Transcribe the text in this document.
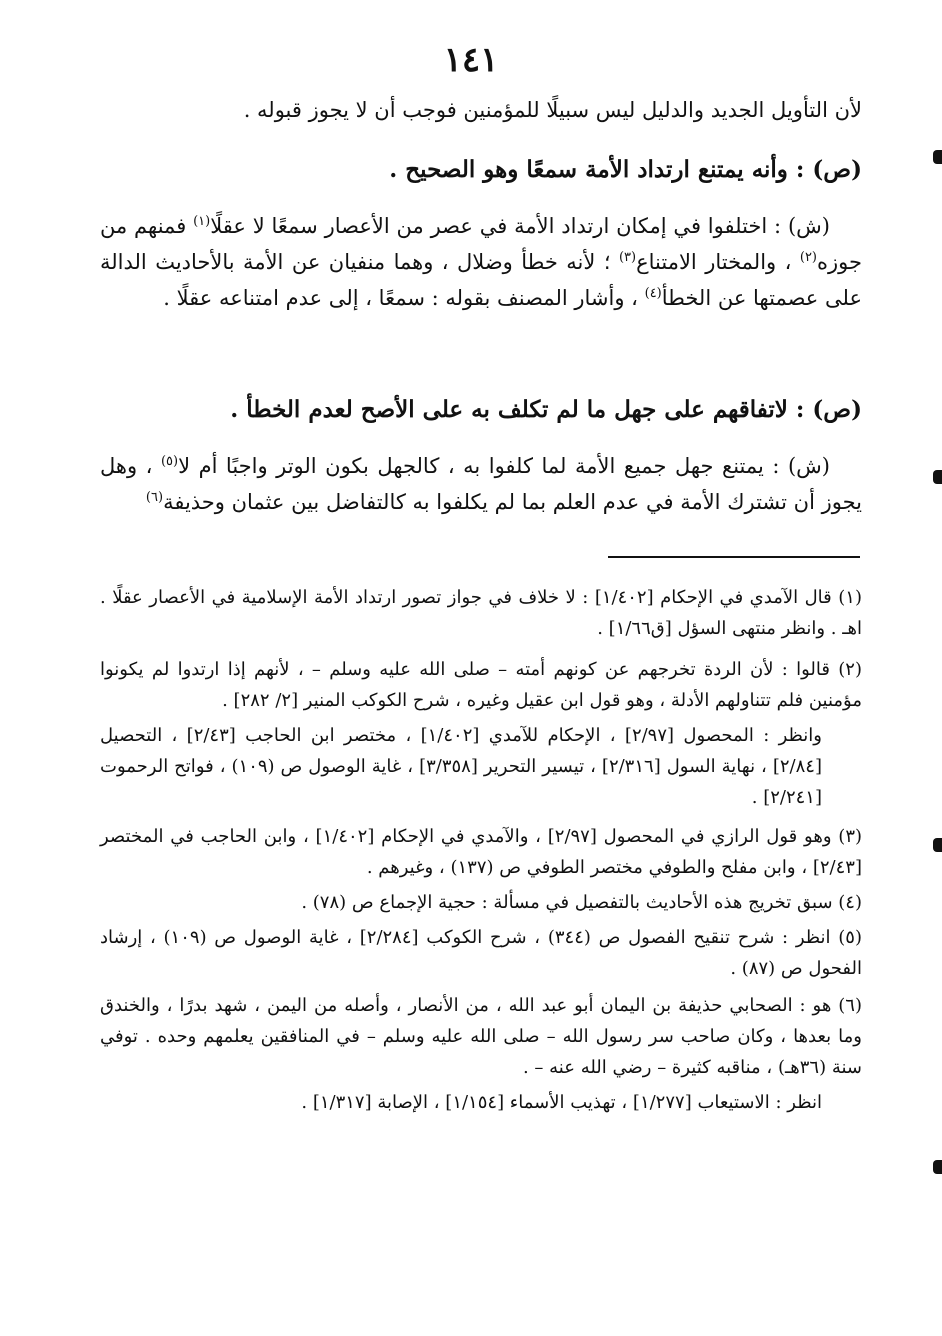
١٤١

لأن التأويل الجديد والدليل ليس سبيلًا للمؤمنين فوجب أن لا يجوز قبوله .

(ص) : وأنه يمتنع ارتداد الأمة سمعًا وهو الصحيح .

(ش) : اختلفوا في إمكان ارتداد الأمة في عصر من الأعصار سمعًا لا عقلًا$^{(١)}$ فمنهم من جوزه$^{(٢)}$ ، والمختار الامتناع$^{(٣)}$ ؛ لأنه خطأ وضلال ، وهما منفيان عن الأمة بالأحاديث الدالة على عصمتها عن الخطأ$^{(٤)}$ ، وأشار المصنف بقوله : سمعًا ، إلى عدم امتناعه عقلًا .

(ص) : لاتفاقهم على جهل ما لم تكلف به على الأصح لعدم الخطأ .

(ش) : يمتنع جهل جميع الأمة لما كلفوا به ، كالجهل بكون الوتر واجبًا أم لا$^{(٥)}$ ، وهل يجوز أن تشترك الأمة في عدم العلم بما لم يكلفوا به كالتفاضل بين عثمان وحذيفة$^{(٦)}$

(١) قال الآمدي في الإحكام [١/٤٠٢] : لا خلاف في جواز تصور ارتداد الأمة الإسلامية في الأعصار عقلًا . اهـ . وانظر منتهى السؤل [ق١/٦٦] .

(٢) قالوا : لأن الردة تخرجهم عن كونهم أمته – صلى الله عليه وسلم – ، لأنهم إذا ارتدوا لم يكونوا مؤمنين فلم تتناولهم الأدلة ، وهو قول ابن عقيل وغيره ، شرح الكوكب المنير [٢/ ٢٨٢] .

وانظر : المحصول [٢/٩٧] ، الإحكام للآمدي [١/٤٠٢] ، مختصر ابن الحاجب [٢/٤٣] ، التحصيل [٢/٨٤] ، نهاية السول [٢/٣١٦] ، تيسير التحرير [٣/٣٥٨] ، غاية الوصول ص (١٠٩) ، فواتح الرحموت [٢/٢٤١] .

(٣) وهو قول الرازي في المحصول [٢/٩٧] ، والآمدي في الإحكام [١/٤٠٢] ، وابن الحاجب في المختصر [٢/٤٣] ، وابن مفلح والطوفي مختصر الطوفي ص (١٣٧) ، وغيرهم .

(٤) سبق تخريج هذه الأحاديث بالتفصيل في مسألة : حجية الإجماع ص (٧٨) .

(٥) انظر : شرح تنقيح الفصول ص (٣٤٤) ، شرح الكوكب [٢/٢٨٤] ، غاية الوصول ص (١٠٩) ، إرشاد الفحول ص (٨٧) .

(٦) هو : الصحابي حذيفة بن اليمان أبو عبد الله ، من الأنصار ، وأصله من اليمن ، شهد بدرًا ، والخندق وما بعدها ، وكان صاحب سر رسول الله – صلى الله عليه وسلم – في المنافقين يعلمهم وحده . توفي سنة (٣٦هـ) ، مناقبه كثيرة – رضي الله عنه – .

انظر : الاستيعاب [١/٢٧٧] ، تهذيب الأسماء [١/١٥٤] ، الإصابة [١/٣١٧] .
